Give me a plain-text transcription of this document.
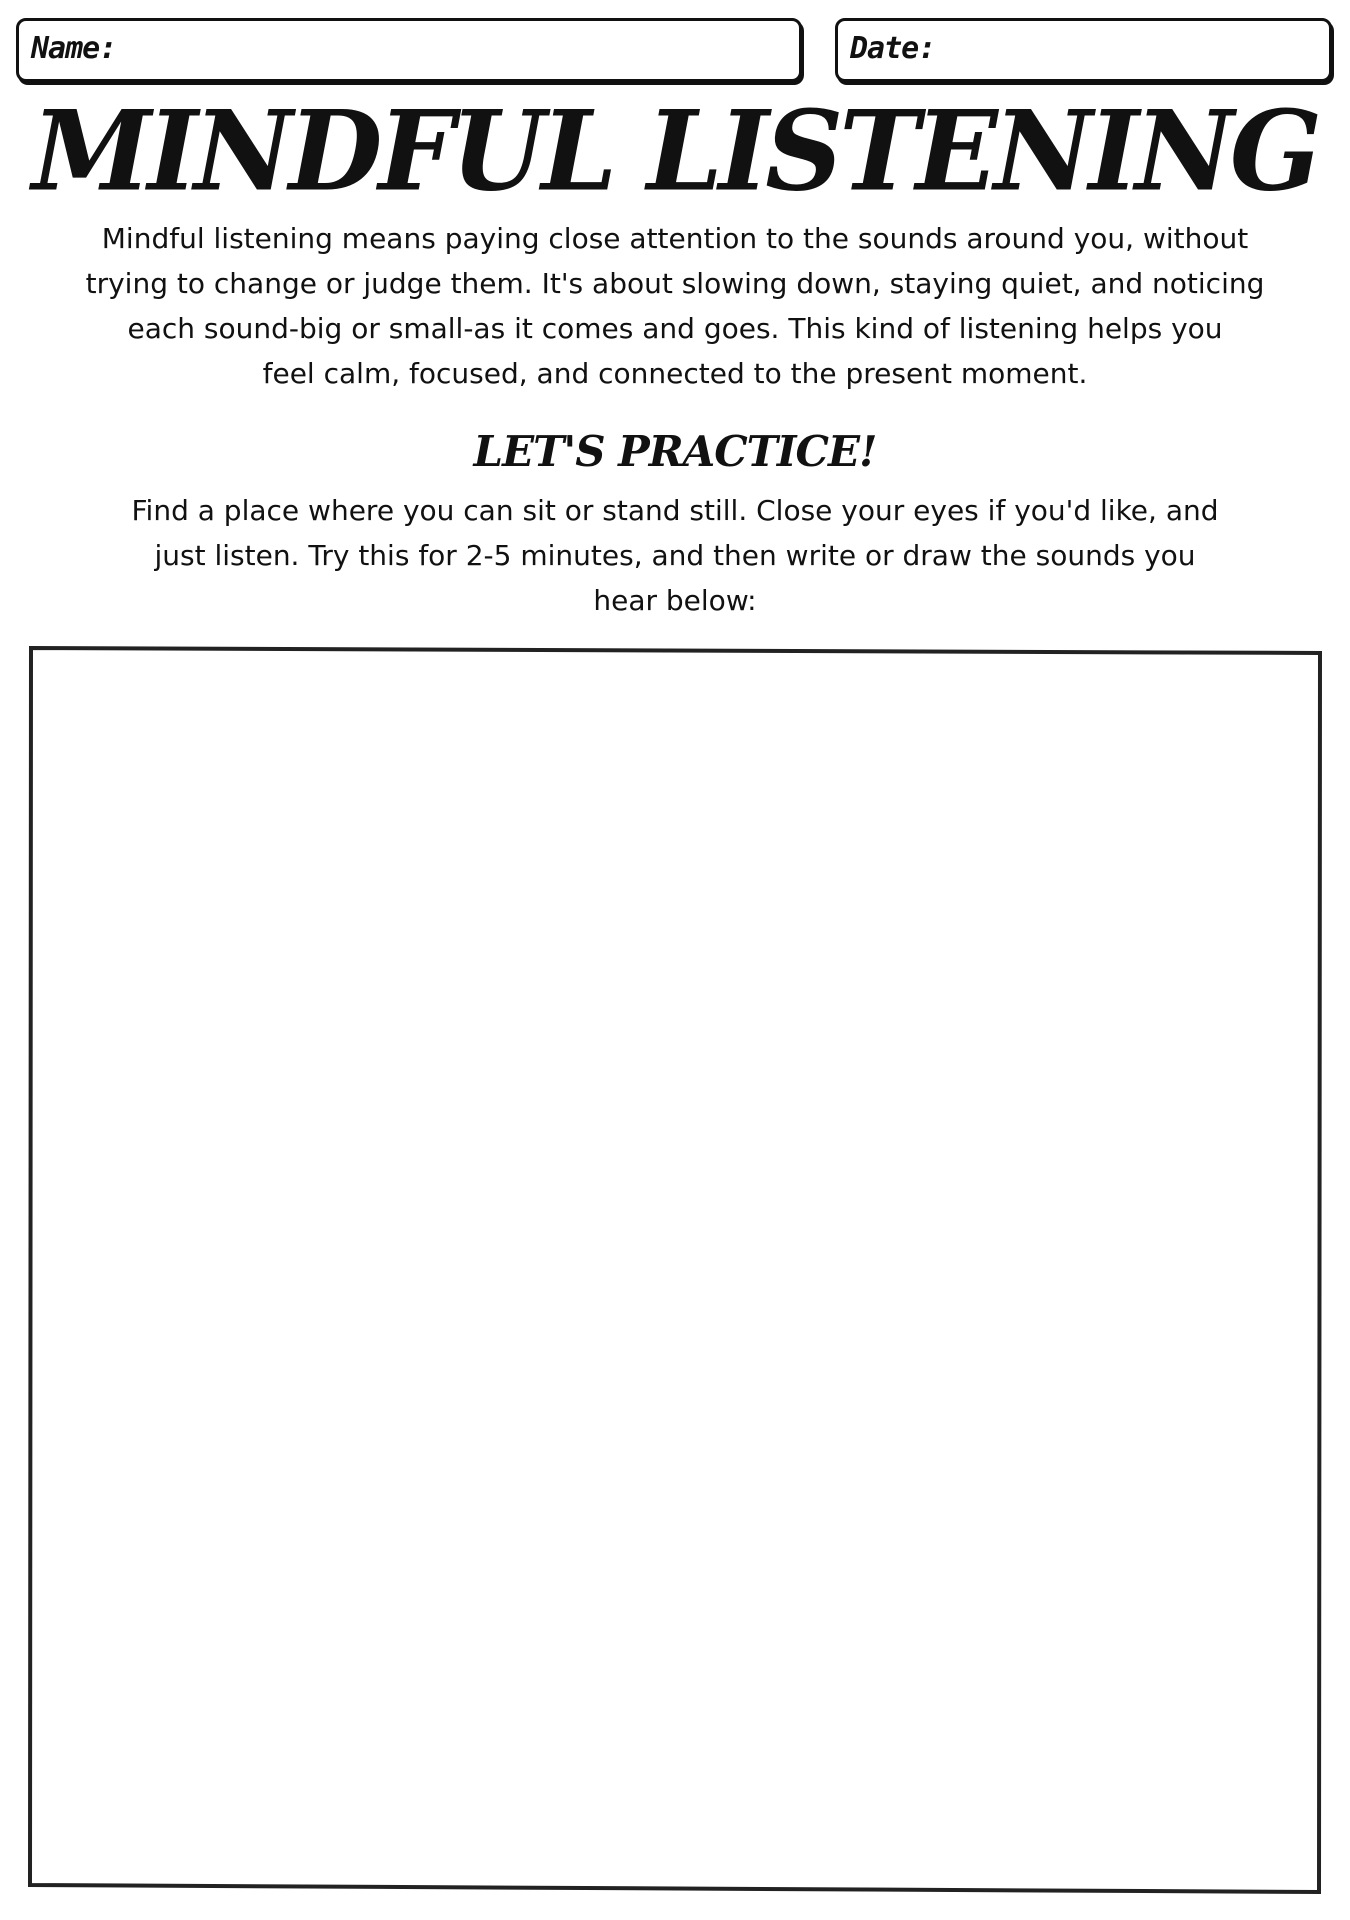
Name:	Date:
MINDFUL LISTENING

Mindful listening means paying close attention to the sounds around you, without
trying to change or judge them. It's about slowing down, staying quiet, and noticing
each sound-big or small-as it comes and goes. This kind of listening helps you
feel calm, focused, and connected to the present moment.

LET'S PRACTICE!

Find a place where you can sit or stand still. Close your eyes if you'd like, and
just listen. Try this for 2-5 minutes, and then write or draw the sounds you
hear below:
